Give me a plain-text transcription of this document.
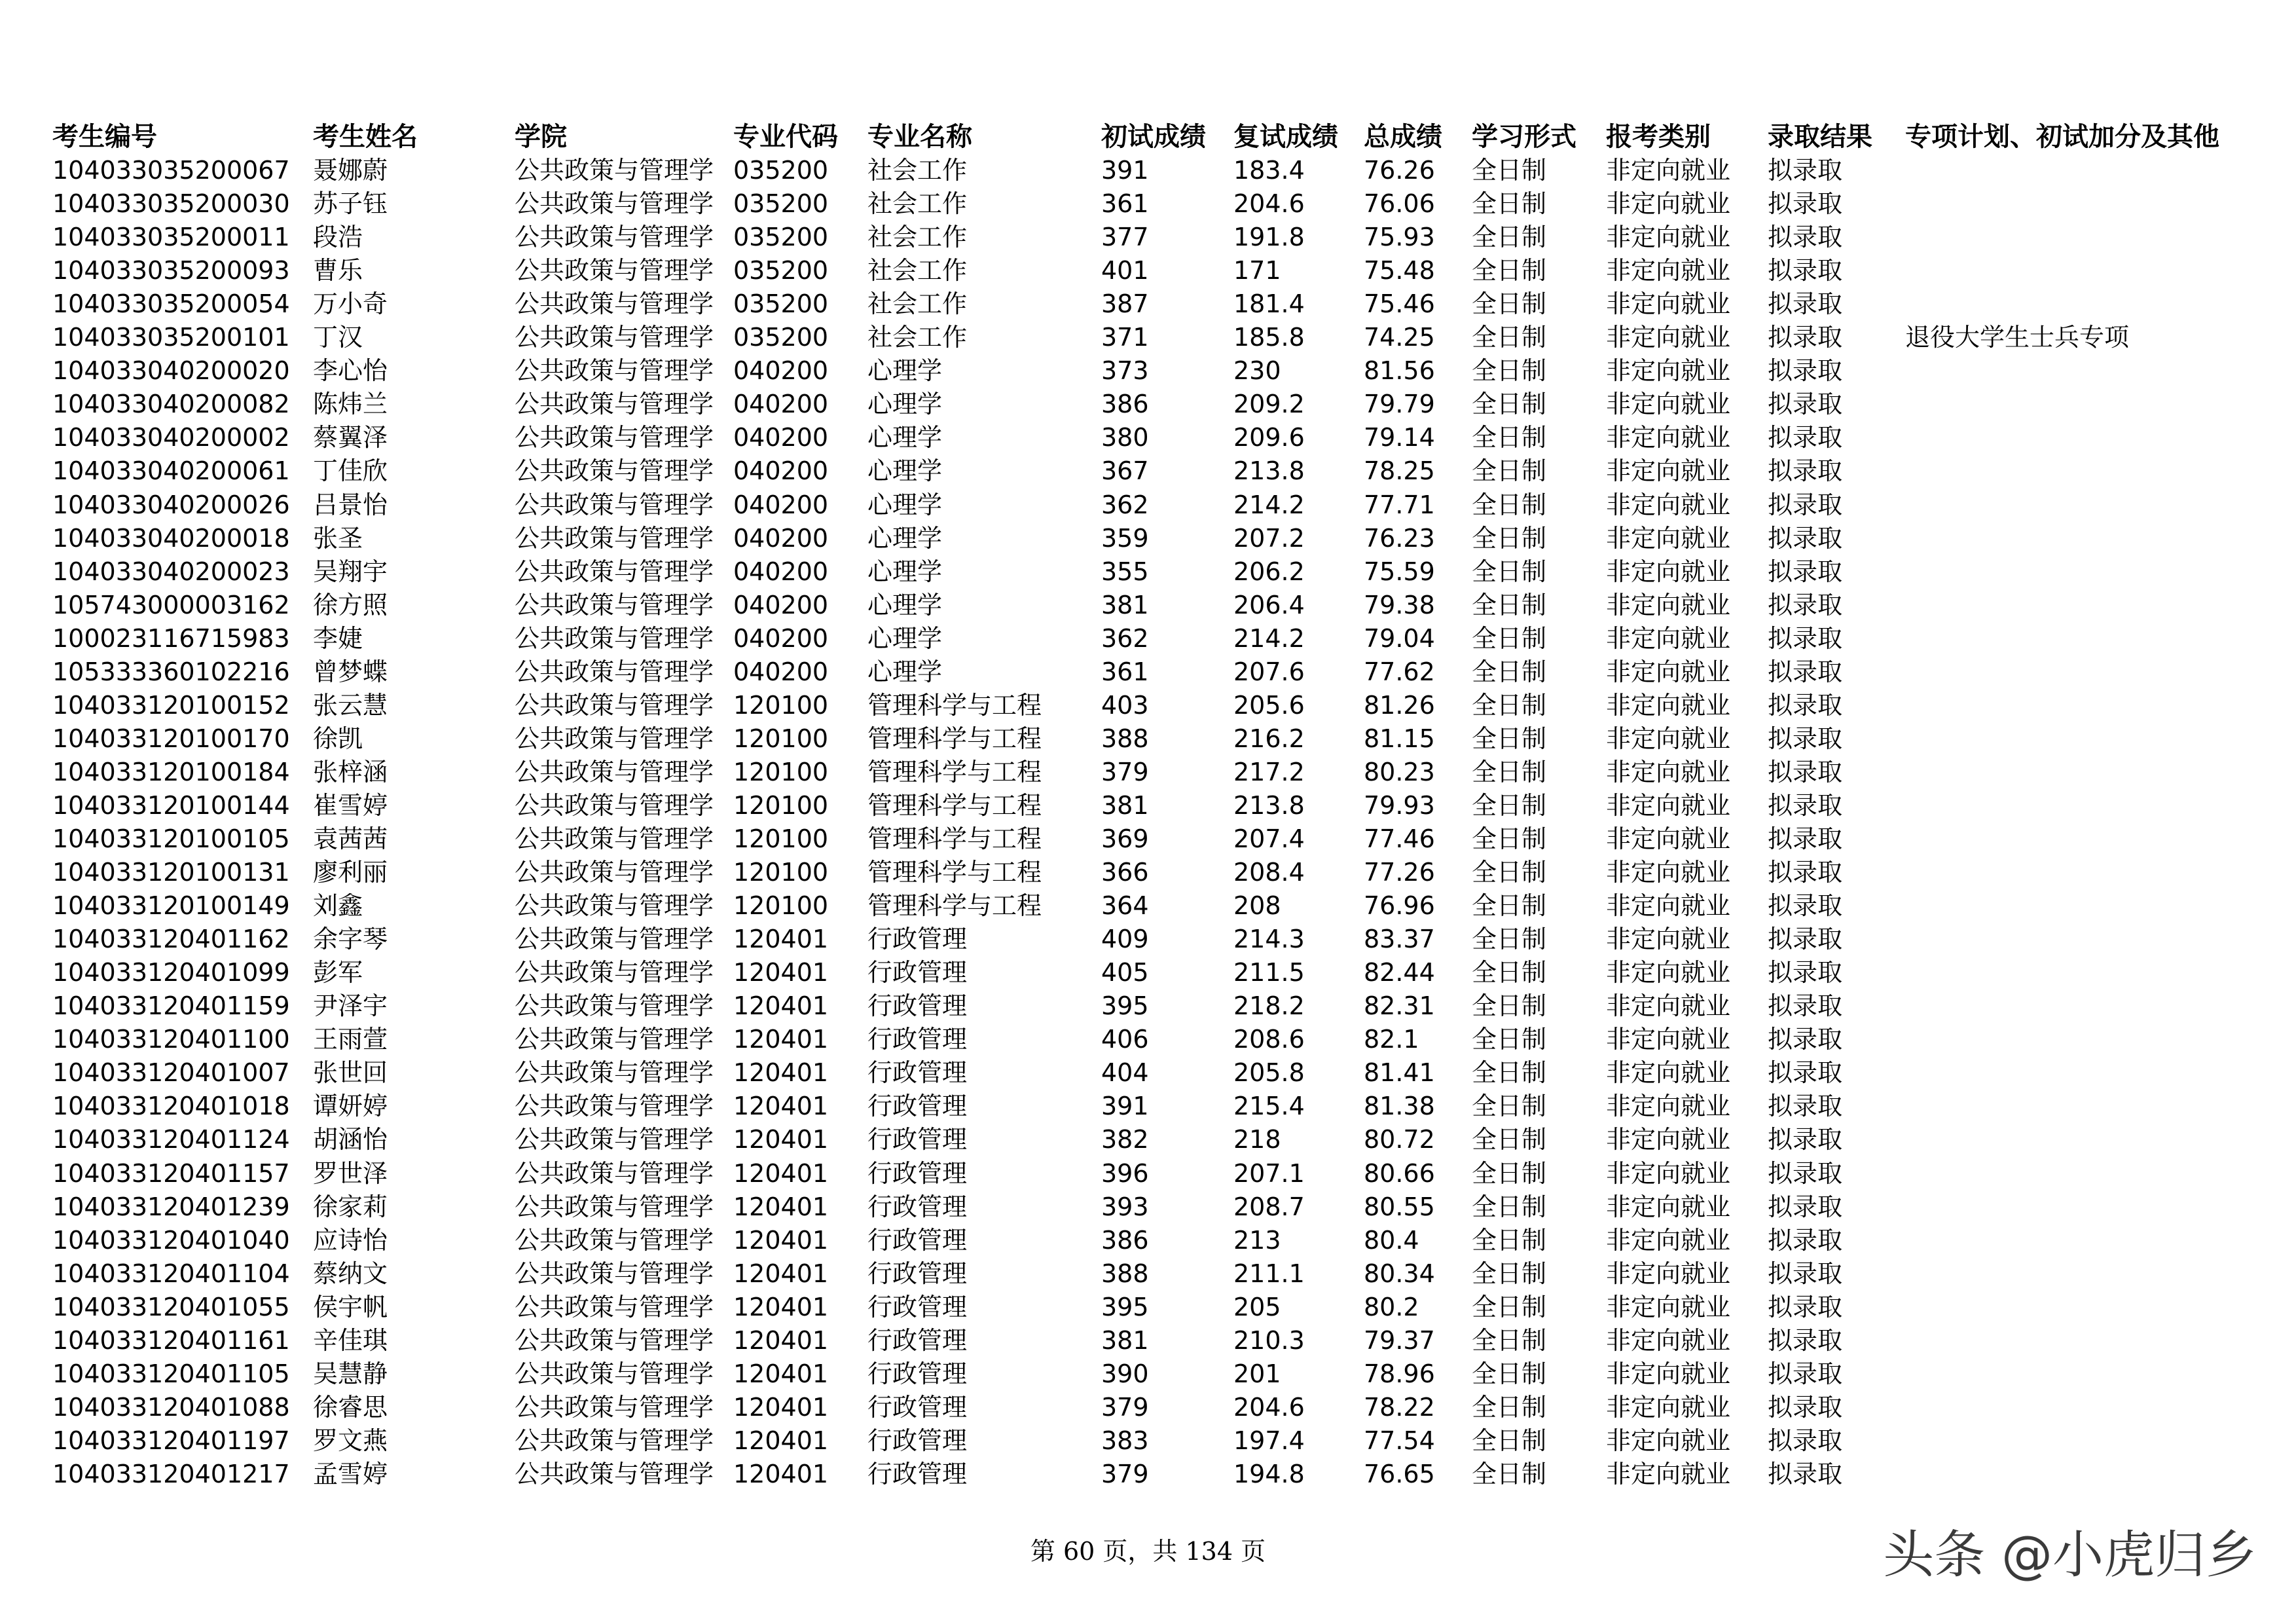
考生编号	考生姓名	学院	专业代码 专业名称	初试成绩 复试成绩 总成绩 学习形式 报考类别 录取结果 专项计划、初试加分及其他
104033035200067 聂娜蔚	公共政策与管理学 035200 社会工作	391	183.4 76.26 全日制 非定向就业 拟录取
104033035200030 苏子钰	公共政策与管理学 035200 社会工作	361	204.6 76.06 全日制 非定向就业 拟录取
104033035200011 段浩	公共政策与管理学 035200 社会工作	377	191.8 75.93 全日制 非定向就业 拟录取
104033035200093 曹乐	公共政策与管理学 035200 社会工作	401	171	75.48 全日制 非定向就业 拟录取
104033035200054 万小奇	公共政策与管理学 035200 社会工作	387	181.4 75.46 全日制 非定向就业 拟录取
104033035200101 丁汉	公共政策与管理学 035200 社会工作	371	185.8 74.25 全日制 非定向就业 拟录取	退役大学生士兵专项
104033040200020 李心怡	公共政策与管理学 040200 心理学	373	230	81.56 全日制 非定向就业 拟录取
104033040200082 陈炜兰	公共政策与管理学 040200 心理学	386	209.2 79.79 全日制 非定向就业 拟录取
104033040200002 蔡翼泽	公共政策与管理学 040200 心理学	380	209.6 79.14 全日制 非定向就业 拟录取
104033040200061 丁佳欣	公共政策与管理学 040200 心理学	367	213.8 78.25 全日制 非定向就业 拟录取
104033040200026 吕景怡	公共政策与管理学 040200 心理学	362	214.2 77.71 全日制 非定向就业 拟录取
104033040200018 张圣	公共政策与管理学 040200 心理学	359	207.2 76.23 全日制 非定向就业 拟录取
104033040200023 吴翔宇	公共政策与管理学 040200 心理学	355	206.2 75.59 全日制 非定向就业 拟录取
105743000003162 徐方照	公共政策与管理学 040200 心理学	381	206.4 79.38 全日制 非定向就业 拟录取
100023116715983 李婕	公共政策与管理学 040200 心理学	362	214.2 79.04 全日制 非定向就业 拟录取
105333360102216 曾梦蝶	公共政策与管理学 040200 心理学	361	207.6 77.62 全日制 非定向就业 拟录取
104033120100152 张云慧	公共政策与管理学 120100 管理科学与工程 403	205.6 81.26 全日制 非定向就业 拟录取
104033120100170 徐凯	公共政策与管理学 120100 管理科学与工程 388	216.2 81.15 全日制 非定向就业 拟录取
104033120100184 张梓涵	公共政策与管理学 120100 管理科学与工程 379	217.2 80.23 全日制 非定向就业 拟录取
104033120100144 崔雪婷	公共政策与管理学 120100 管理科学与工程 381	213.8 79.93 全日制 非定向就业 拟录取
104033120100105 袁茜茜	公共政策与管理学 120100 管理科学与工程 369	207.4 77.46 全日制 非定向就业 拟录取
104033120100131 廖利丽	公共政策与管理学 120100 管理科学与工程 366	208.4 77.26 全日制 非定向就业 拟录取
104033120100149 刘鑫	公共政策与管理学 120100 管理科学与工程 364	208	76.96 全日制 非定向就业 拟录取
104033120401162 余字琴	公共政策与管理学 120401 行政管理	409	214.3 83.37 全日制 非定向就业 拟录取
104033120401099 彭军	公共政策与管理学 120401 行政管理	405	211.5 82.44 全日制 非定向就业 拟录取
104033120401159 尹泽宇	公共政策与管理学 120401 行政管理	395	218.2 82.31 全日制 非定向就业 拟录取
104033120401100 王雨萱	公共政策与管理学 120401 行政管理	406	208.6 82.1 全日制 非定向就业 拟录取
104033120401007 张世回	公共政策与管理学 120401 行政管理	404	205.8 81.41 全日制 非定向就业 拟录取
104033120401018 谭妍婷	公共政策与管理学 120401 行政管理	391	215.4 81.38 全日制 非定向就业 拟录取
104033120401124 胡涵怡	公共政策与管理学 120401 行政管理	382	218	80.72 全日制 非定向就业 拟录取
104033120401157 罗世泽	公共政策与管理学 120401 行政管理	396	207.1 80.66 全日制 非定向就业 拟录取
104033120401239 徐家莉	公共政策与管理学 120401 行政管理	393	208.7 80.55 全日制 非定向就业 拟录取
104033120401040 应诗怡	公共政策与管理学 120401 行政管理	386	213	80.4 全日制 非定向就业 拟录取
104033120401104 蔡纳文	公共政策与管理学 120401 行政管理	388	211.1 80.34 全日制 非定向就业 拟录取
104033120401055 侯宇帆	公共政策与管理学 120401 行政管理	395	205	80.2 全日制 非定向就业 拟录取
104033120401161 辛佳琪	公共政策与管理学 120401 行政管理	381	210.3 79.37 全日制 非定向就业 拟录取
104033120401105 吴慧静	公共政策与管理学 120401 行政管理	390	201	78.96 全日制 非定向就业 拟录取
104033120401088 徐睿思	公共政策与管理学 120401 行政管理	379	204.6 78.22 全日制 非定向就业 拟录取
104033120401197 罗文燕	公共政策与管理学 120401 行政管理	383	197.4 77.54 全日制 非定向就业 拟录取
104033120401217 孟雪婷	公共政策与管理学 120401 行政管理	379	194.8 76.65 全日制 非定向就业 拟录取
第 60 页，共 134 页	头条 @小虎归乡
